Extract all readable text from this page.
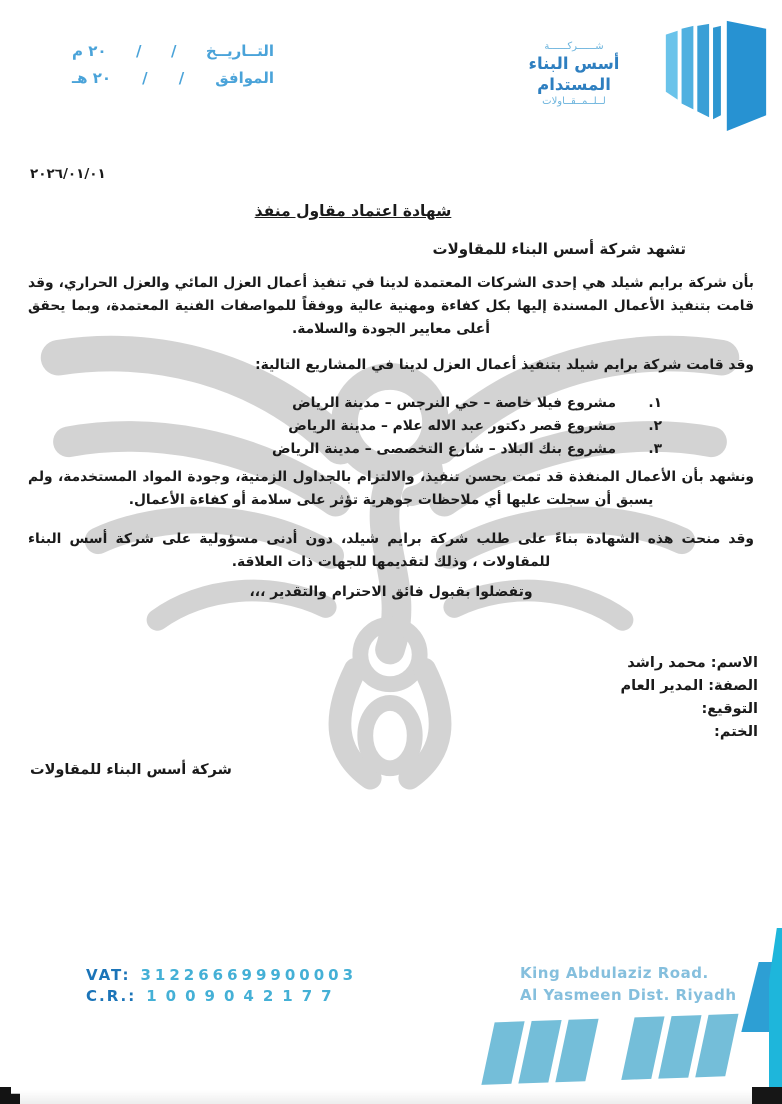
التــاريــخ
/
/
٢٠ م
الموافق
/
/
٢٠ هـ
شــــــركــــــة
أسس البناء المستدام
لــلــمــقــاولات
٢٠٢٦/٠١/٠١
شهادة اعتماد مقاول منفذ
تشهد شركة أسس البناء للمقاولات
بأن شركة برايم شيلد هي إحدى الشركات المعتمدة لدينا في تنفيذ أعمال العزل المائي والعزل الحراري، وقد قامت بتنفيذ الأعمال المسندة إليها بكل كفاءة ومهنية عالية ووفقاً للمواصفات الفنية المعتمدة، وبما يحقق أعلى معايير الجودة والسلامة.
وقد قامت شركة برايم شيلد بتنفيذ أعمال العزل لدينا في المشاريع التالية:
١.
مشروع فيلا خاصة – حي النرجس – مدينة الرياض
٢.
مشروع قصر دكتور عبد الاله علام – مدينة الرياض
٣.
مشروع بنك البلاد – شارع التخصصى – مدينة الرياض
ونشهد بأن الأعمال المنفذة قد تمت بحسن تنفيذ، والالتزام بالجداول الزمنية، وجودة المواد المستخدمة، ولم يسبق أن سجلت عليها أي ملاحظات جوهرية تؤثر على سلامة أو كفاءة الأعمال.
وقد منحت هذه الشهادة بناءً على طلب شركة برايم شيلد، دون أدنى مسؤولية على شركة أسس البناء للمقاولات ، وذلك لتقديمها للجهات ذات العلاقة.
وتفضلوا بقبول فائق الاحترام والتقدير ،،،
الاسم: محمد راشد
الصفة: المدير العام
التوقيع:
الختم:
شركة أسس البناء للمقاولات
VAT: 312266699900003
C.R.: 1009042177
King Abdulaziz Road.
Al Yasmeen Dist. Riyadh
